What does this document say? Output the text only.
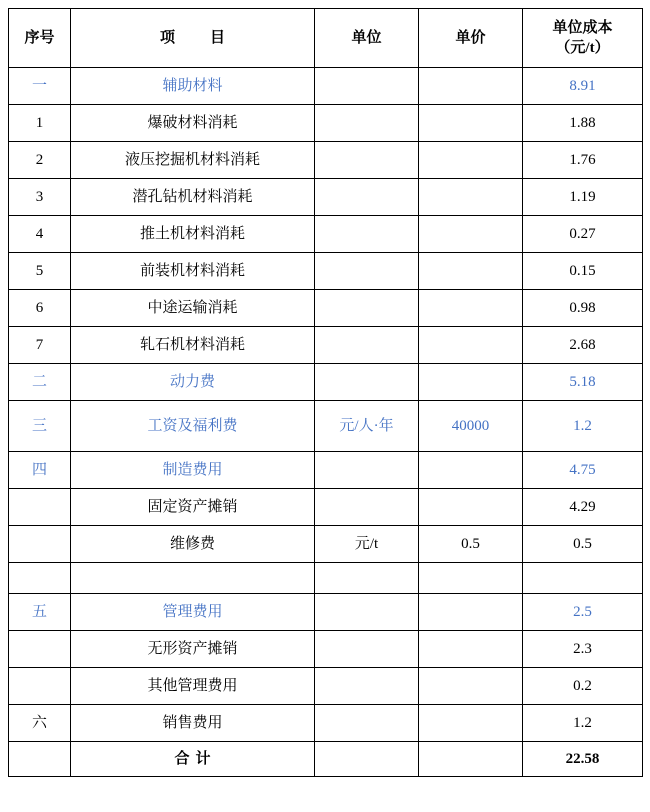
序号	项　目	单位	单价	单位成本
（元/t）

一	辅助材料			8.91
1	爆破材料消耗			1.88
2	液压挖掘机材料消耗			1.76
3	潜孔钻机材料消耗			1.19
4	推土机材料消耗			0.27
5	前装机材料消耗			0.15
6	中途运输消耗			0.98
7	轧石机材料消耗			2.68
二	动力费			5.18
三	工资及福利费	元/人·年	40000	1.2
四	制造费用			4.75
	固定资产摊销			4.29
	维修费	元/t	0.5	0.5

五	管理费用			2.5
	无形资产摊销			2.3
	其他管理费用			0.2
六	销售费用			1.2
	合计			22.58
